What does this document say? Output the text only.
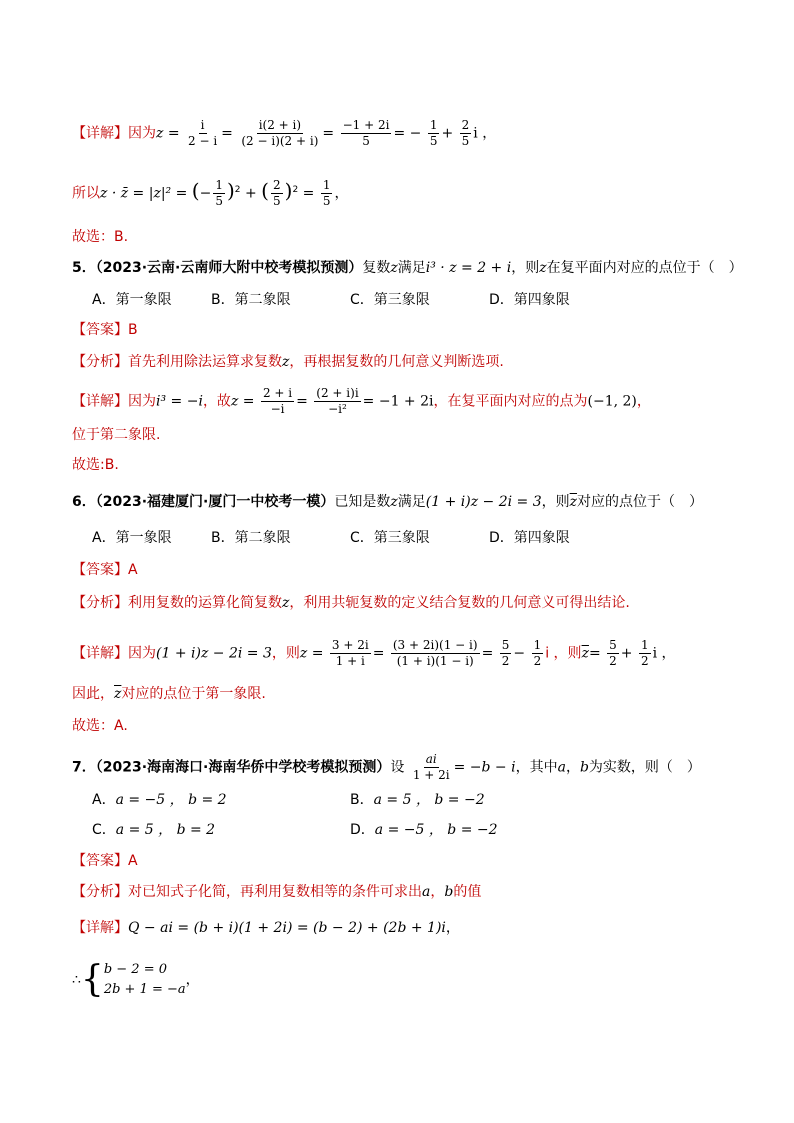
【详解】因为$z = \frac{i}{2 - i} = \frac{i(2 + i)}{(2 - i)(2 + i)} = \frac{-1 + 2i}{5}$ = − $\frac{1}{5} + \frac{2}{5}$ i ，
所以z · z̄ = |z|² = (− $\frac{1}{5} )^2$ + ( $\frac{2}{5} )^2 = \frac{1}{5}$ ，
故选：B.
5．（2023·云南·云南师大附中校考模拟预测）复数z满足i³ · z = 2 + i，则z在复平面内对应的点位于（　）
A．第一象限	B．第二象限	C．第三象限	D．第四象限
【答案】B
【分析】首先利用除法运算求复数z，再根据复数的几何意义判断选项.
【详解】因为i³ = −i，故$z = \frac{2 + i}{-i} = \frac{(2 + i)i}{\text{−i²}} = -1 + 2i$，在复平面内对应的点为(−1, 2)，
位于第二象限.
故选:B.
6．（2023·福建厦门·厦门一中校考一模）已知是数z满足(1 + i)z − 2i = 3，则$\overline{z}$对应的点位于（　）
A．第一象限	B．第二象限	C．第三象限	D．第四象限
【答案】A
【分析】利用复数的运算化简复数z，利用共轭复数的定义结合复数的几何意义可得出结论.
【详解】因为(1 + i)z − 2i = 3，则$z = \frac{3 + 2i}{1 + i} = \frac{(3 + 2i)(1 - i)}{(1 + i)(1 - i)} = \frac{5}{2} - \frac{1}{2}$ i ，则$\overline{z}= \frac{5}{2} + \frac{1}{2}$ i ，
因此，$\overline{z}$对应的点位于第一象限.
故选：A.
7．（2023·海南海口·海南华侨中学校考模拟预测）设 $\frac{ai}{1 + 2i} = -b - i$，其中a，b为实数，则（　）
A．a = −5 ， b = 2	B．a = 5 ， b = −2
C．a = 5 ， b = 2	D．a = −5 ， b = −2
【答案】A
【分析】对已知式子化简，再利用复数相等的条件可求出a，b的值
【详解】Q − ai = (b + i)(1 + 2i) = (b − 2) + (2b + 1)i，
∴{ b − 2 = 0
2b + 1 = −a
，
